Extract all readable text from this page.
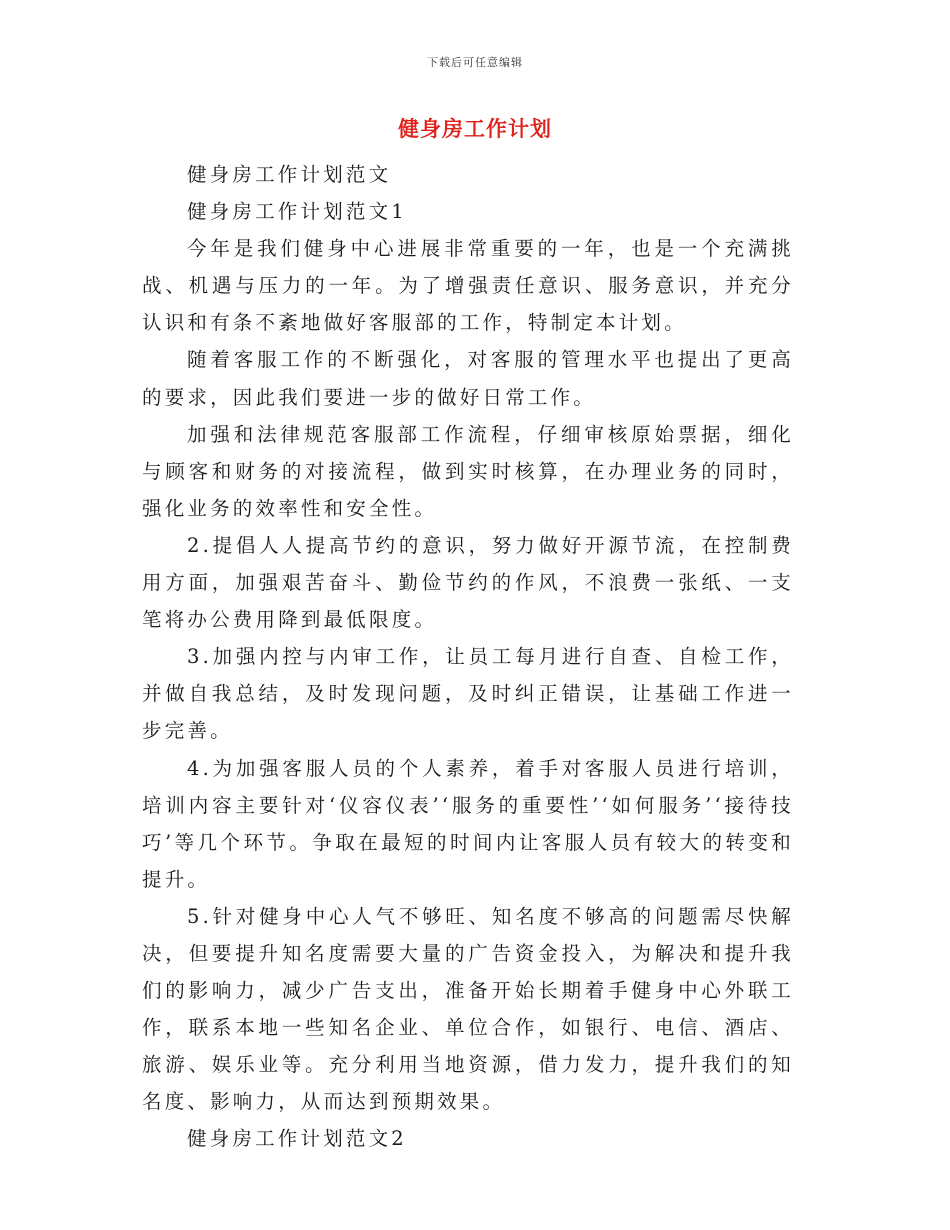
下载后可任意编辑
健身房工作计划

健身房工作计划范文

健身房工作计划范文1

今年是我们健身中心进展非常重要的一年，也是一个充满挑战、机遇与压力的一年。为了增强责任意识、服务意识，并充分认识和有条不紊地做好客服部的工作，特制定本计划。

随着客服工作的不断强化，对客服的管理水平也提出了更高的要求，因此我们要进一步的做好日常工作。

加强和法律规范客服部工作流程，仔细审核原始票据，细化与顾客和财务的对接流程，做到实时核算，在办理业务的同时，强化业务的效率性和安全性。

2.提倡人人提高节约的意识，努力做好开源节流，在控制费用方面，加强艰苦奋斗、勤俭节约的作风，不浪费一张纸、一支笔将办公费用降到最低限度。

3.加强内控与内审工作，让员工每月进行自查、自检工作，并做自我总结，及时发现问题，及时纠正错误，让基础工作进一步完善。

4.为加强客服人员的个人素养，着手对客服人员进行培训，培训内容主要针对‘仪容仪表’‘服务的重要性’‘如何服务’‘接待技巧’等几个环节。争取在最短的时间内让客服人员有较大的转变和提升。

5.针对健身中心人气不够旺、知名度不够高的问题需尽快解决，但要提升知名度需要大量的广告资金投入，为解决和提升我们的影响力，减少广告支出，准备开始长期着手健身中心外联工作，联系本地一些知名企业、单位合作，如银行、电信、酒店、旅游、娱乐业等。充分利用当地资源，借力发力，提升我们的知名度、影响力，从而达到预期效果。

健身房工作计划范文2
